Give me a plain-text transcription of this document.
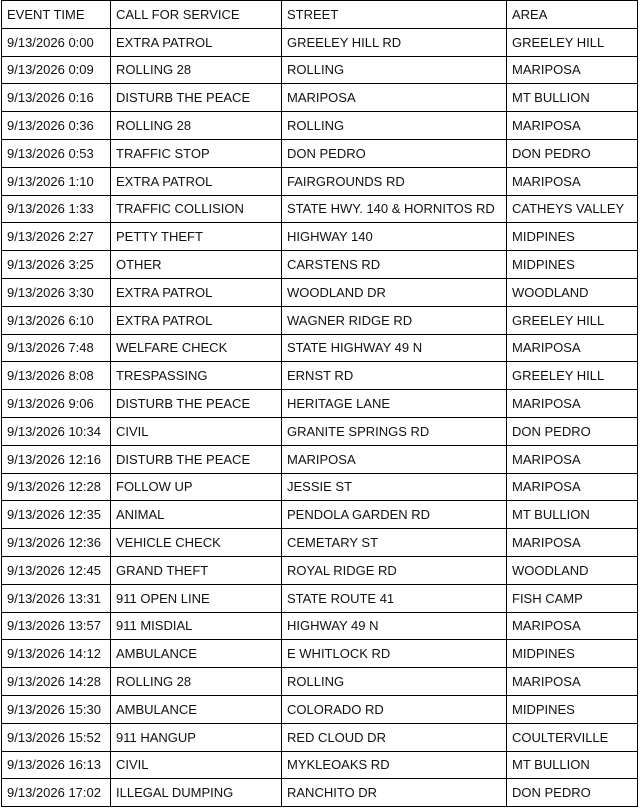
EVENT TIME	CALL FOR SERVICE	STREET	AREA
9/13/2026 0:00	EXTRA PATROL	GREELEY HILL RD	GREELEY HILL
9/13/2026 0:09	ROLLING 28	ROLLING	MARIPOSA
9/13/2026 0:16	DISTURB THE PEACE	MARIPOSA	MT BULLION
9/13/2026 0:36	ROLLING 28	ROLLING	MARIPOSA
9/13/2026 0:53	TRAFFIC STOP	DON PEDRO	DON PEDRO
9/13/2026 1:10	EXTRA PATROL	FAIRGROUNDS RD	MARIPOSA
9/13/2026 1:33	TRAFFIC COLLISION	STATE HWY. 140 & HORNITOS RD	CATHEYS VALLEY
9/13/2026 2:27	PETTY THEFT	HIGHWAY 140	MIDPINES
9/13/2026 3:25	OTHER	CARSTENS RD	MIDPINES
9/13/2026 3:30	EXTRA PATROL	WOODLAND DR	WOODLAND
9/13/2026 6:10	EXTRA PATROL	WAGNER RIDGE RD	GREELEY HILL
9/13/2026 7:48	WELFARE CHECK	STATE HIGHWAY 49 N	MARIPOSA
9/13/2026 8:08	TRESPASSING	ERNST RD	GREELEY HILL
9/13/2026 9:06	DISTURB THE PEACE	HERITAGE LANE	MARIPOSA
9/13/2026 10:34	CIVIL	GRANITE SPRINGS RD	DON PEDRO
9/13/2026 12:16	DISTURB THE PEACE	MARIPOSA	MARIPOSA
9/13/2026 12:28	FOLLOW UP	JESSIE ST	MARIPOSA
9/13/2026 12:35	ANIMAL	PENDOLA GARDEN RD	MT BULLION
9/13/2026 12:36	VEHICLE CHECK	CEMETARY ST	MARIPOSA
9/13/2026 12:45	GRAND THEFT	ROYAL RIDGE RD	WOODLAND
9/13/2026 13:31	911 OPEN LINE	STATE ROUTE 41	FISH CAMP
9/13/2026 13:57	911 MISDIAL	HIGHWAY 49 N	MARIPOSA
9/13/2026 14:12	AMBULANCE	E WHITLOCK RD	MIDPINES
9/13/2026 14:28	ROLLING 28	ROLLING	MARIPOSA
9/13/2026 15:30	AMBULANCE	COLORADO RD	MIDPINES
9/13/2026 15:52	911 HANGUP	RED CLOUD DR	COULTERVILLE
9/13/2026 16:13	CIVIL	MYKLEOAKS RD	MT BULLION
9/13/2026 17:02	ILLEGAL DUMPING	RANCHITO DR	DON PEDRO
